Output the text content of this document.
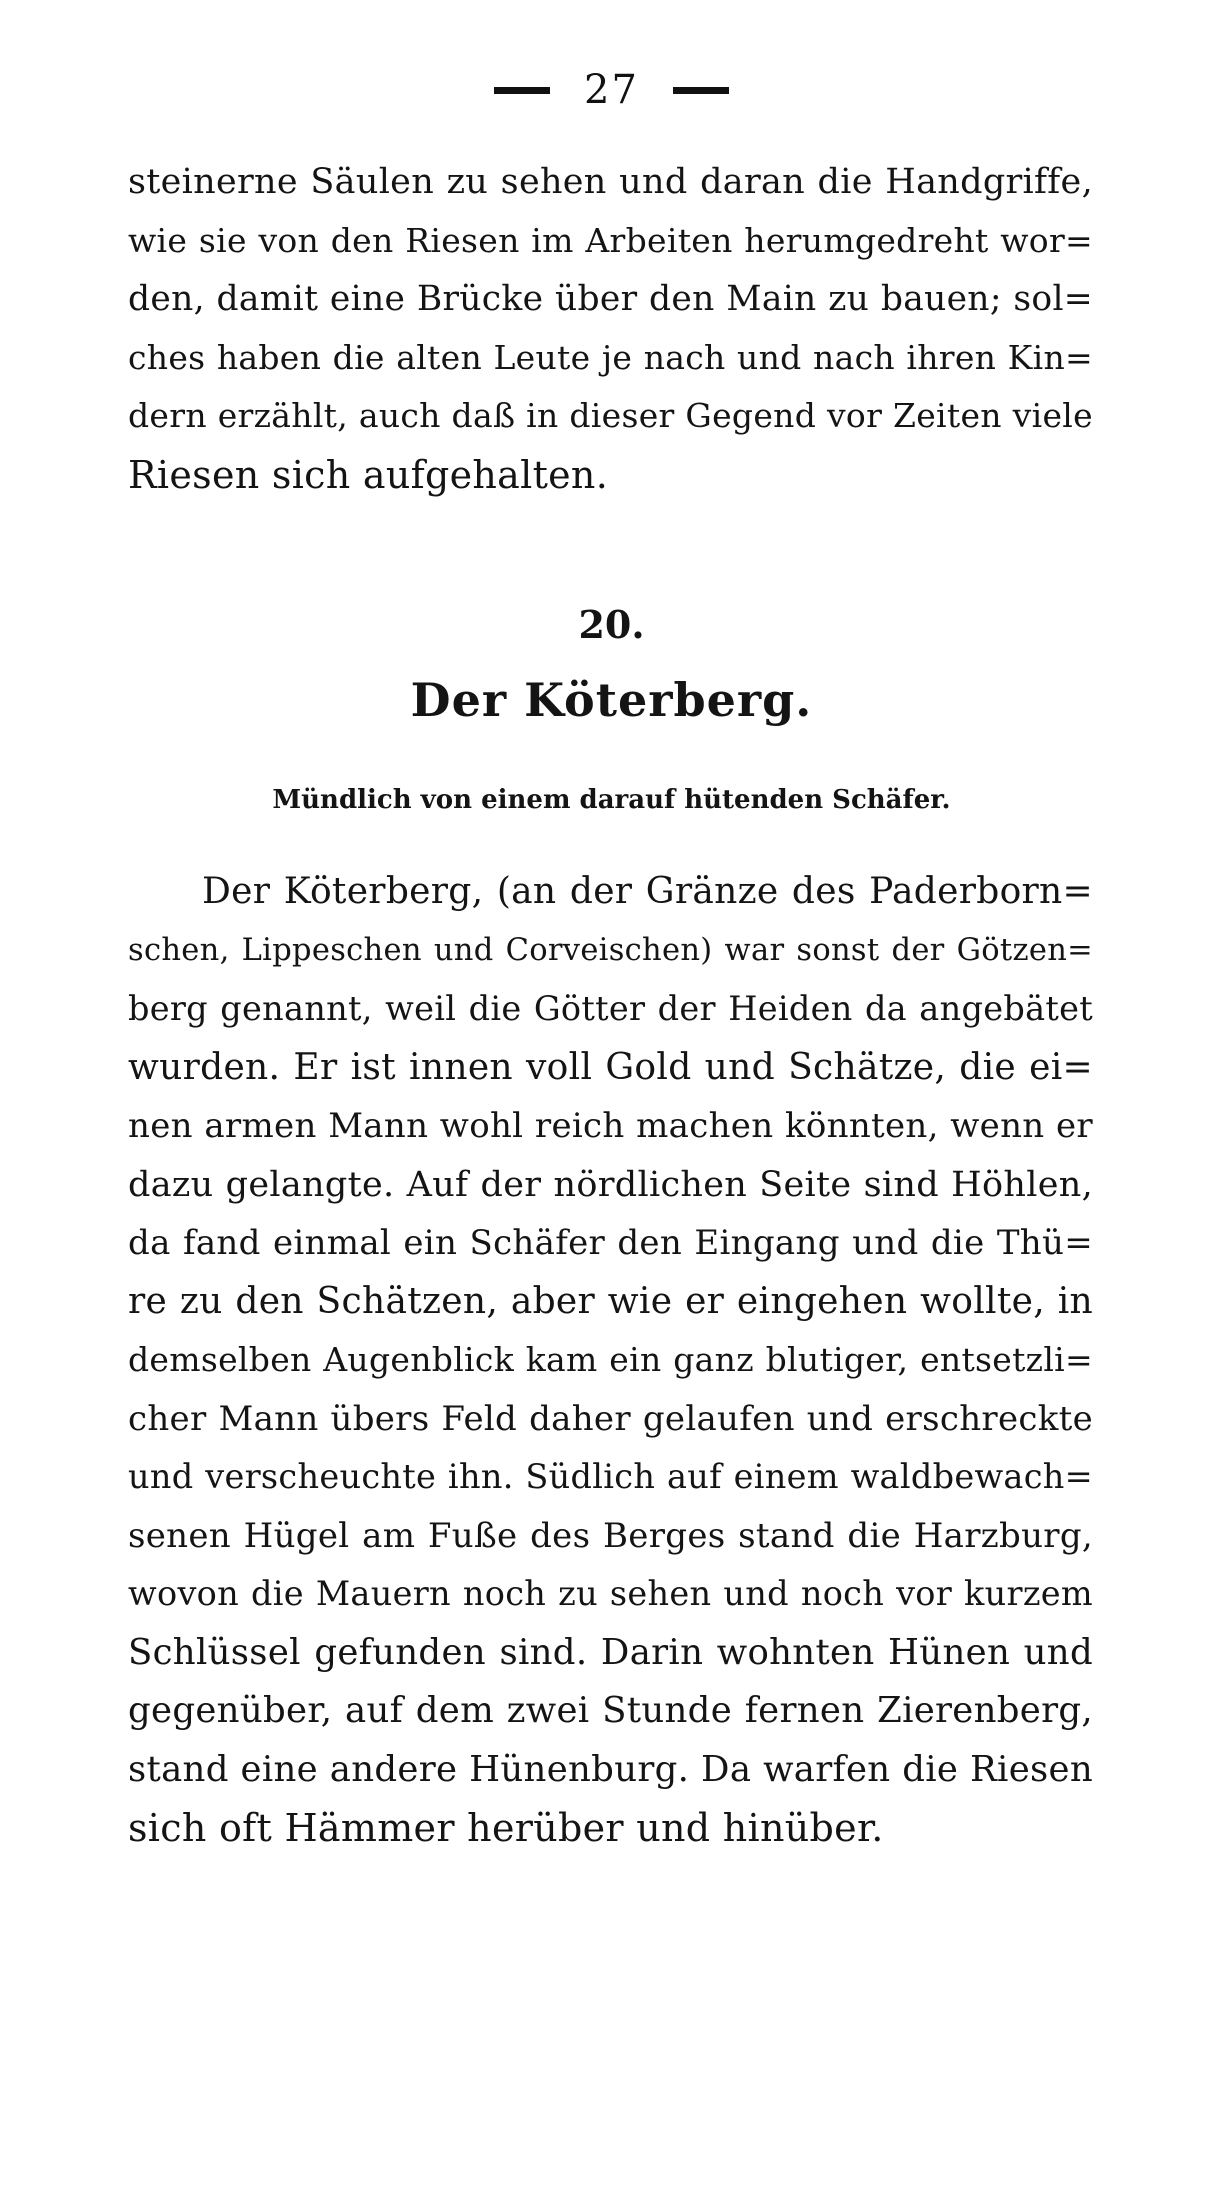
27
steinerne Säulen zu sehen und daran die Handgriffe,
wie sie von den Riesen im Arbeiten herumgedreht wor=
den, damit eine Brücke über den Main zu bauen; sol=
ches haben die alten Leute je nach und nach ihren Kin=
dern erzählt, auch daß in dieser Gegend vor Zeiten viele
Riesen sich aufgehalten.
20.
Der Köterberg.
Mündlich von einem darauf hütenden Schäfer.
Der Köterberg, (an der Gränze des Paderborn=
schen, Lippeschen und Corveischen) war sonst der Götzen=
berg genannt, weil die Götter der Heiden da angebätet
wurden. Er ist innen voll Gold und Schätze, die ei=
nen armen Mann wohl reich machen könnten, wenn er
dazu gelangte. Auf der nördlichen Seite sind Höhlen,
da fand einmal ein Schäfer den Eingang und die Thü=
re zu den Schätzen, aber wie er eingehen wollte, in
demselben Augenblick kam ein ganz blutiger, entsetzli=
cher Mann übers Feld daher gelaufen und erschreckte
und verscheuchte ihn. Südlich auf einem waldbewach=
senen Hügel am Fuße des Berges stand die Harzburg,
wovon die Mauern noch zu sehen und noch vor kurzem
Schlüssel gefunden sind. Darin wohnten Hünen und
gegenüber, auf dem zwei Stunde fernen Zierenberg,
stand eine andere Hünenburg. Da warfen die Riesen
sich oft Hämmer herüber und hinüber.
